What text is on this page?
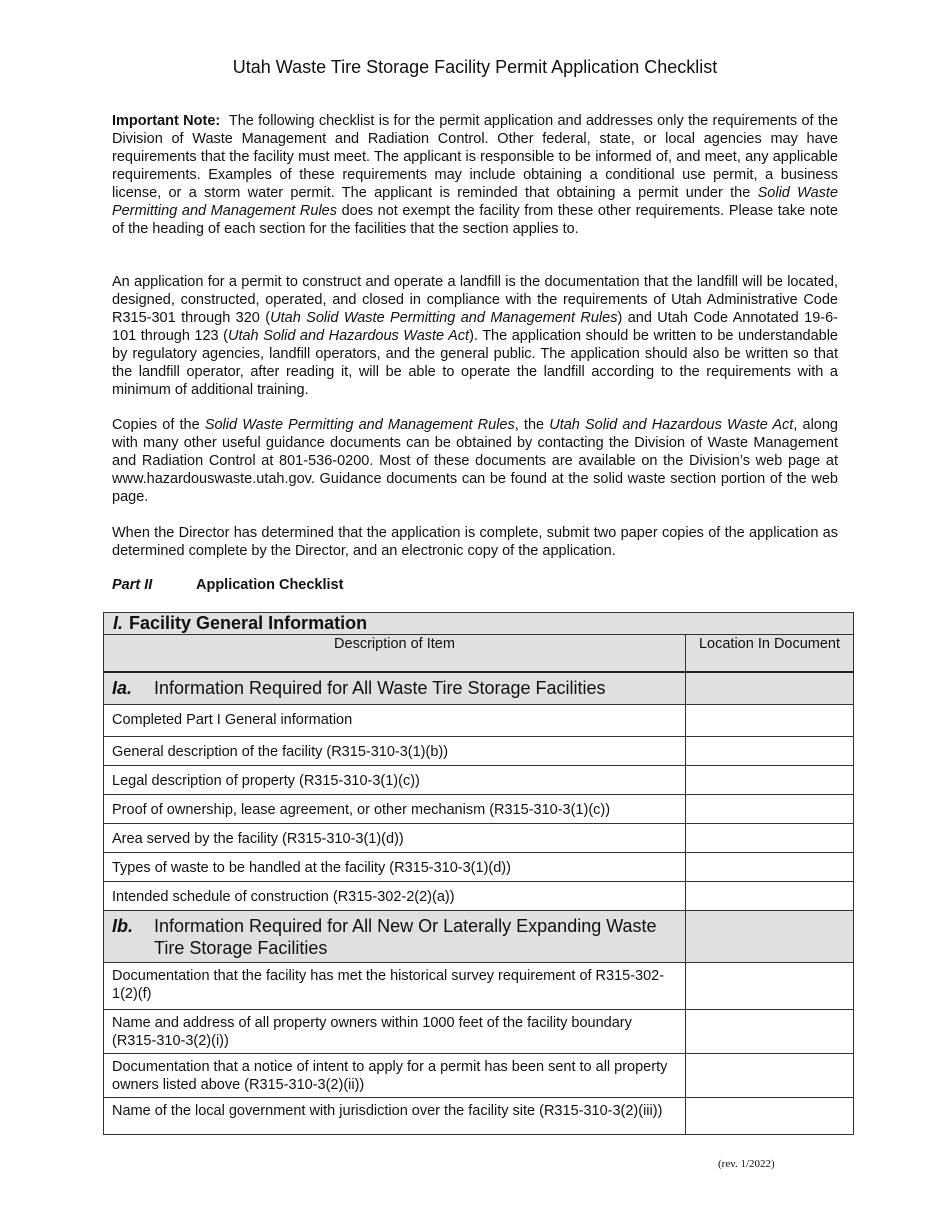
Utah Waste Tire Storage Facility Permit Application Checklist

Important Note: The following checklist is for the permit application and addresses only the requirements of the Division of Waste Management and Radiation Control. Other federal, state, or local agencies may have requirements that the facility must meet. The applicant is responsible to be informed of, and meet, any applicable requirements. Examples of these requirements may include obtaining a conditional use permit, a business license, or a storm water permit. The applicant is reminded that obtaining a permit under the Solid Waste Permitting and Management Rules does not exempt the facility from these other requirements. Please take note of the heading of each section for the facilities that the section applies to.

An application for a permit to construct and operate a landfill is the documentation that the landfill will be located, designed, constructed, operated, and closed in compliance with the requirements of Utah Administrative Code R315-301 through 320 (Utah Solid Waste Permitting and Management Rules) and Utah Code Annotated 19-6-101 through 123 (Utah Solid and Hazardous Waste Act). The application should be written to be understandable by regulatory agencies, landfill operators, and the general public. The application should also be written so that the landfill operator, after reading it, will be able to operate the landfill according to the requirements with a minimum of additional training.

Copies of the Solid Waste Permitting and Management Rules, the Utah Solid and Hazardous Waste Act, along with many other useful guidance documents can be obtained by contacting the Division of Waste Management and Radiation Control at 801-536-0200. Most of these documents are available on the Division’s web page at www.hazardouswaste.utah.gov. Guidance documents can be found at the solid waste section portion of the web page.

When the Director has determined that the application is complete, submit two paper copies of the application as determined complete by the Director, and an electronic copy of the application.

Part II	Application Checklist
I. Facility General Information	
Description of Item	Location In Document

Ia. Information Required for All Waste Tire Storage Facilities	

Completed Part I General information	
General description of the facility (R315-310-3(1)(b))	
Legal description of property (R315-310-3(1)(c))	
Proof of ownership, lease agreement, or other mechanism (R315-310-3(1)(c))	
Area served by the facility (R315-310-3(1)(d))	
Types of waste to be handled at the facility (R315-310-3(1)(d))	
Intended schedule of construction (R315-302-2(2)(a))	

Ib. Information Required for All New Or Laterally Expanding Waste Tire Storage Facilities	

Documentation that the facility has met the historical survey requirement of R315-302-1(2)(f)	
Name and address of all property owners within 1000 feet of the facility boundary (R315-310-3(2)(i))	
Documentation that a notice of intent to apply for a permit has been sent to all property owners listed above (R315-310-3(2)(ii))	
Name of the local government with jurisdiction over the facility site (R315-310-3(2)(iii))	
(rev. 1/2022)
